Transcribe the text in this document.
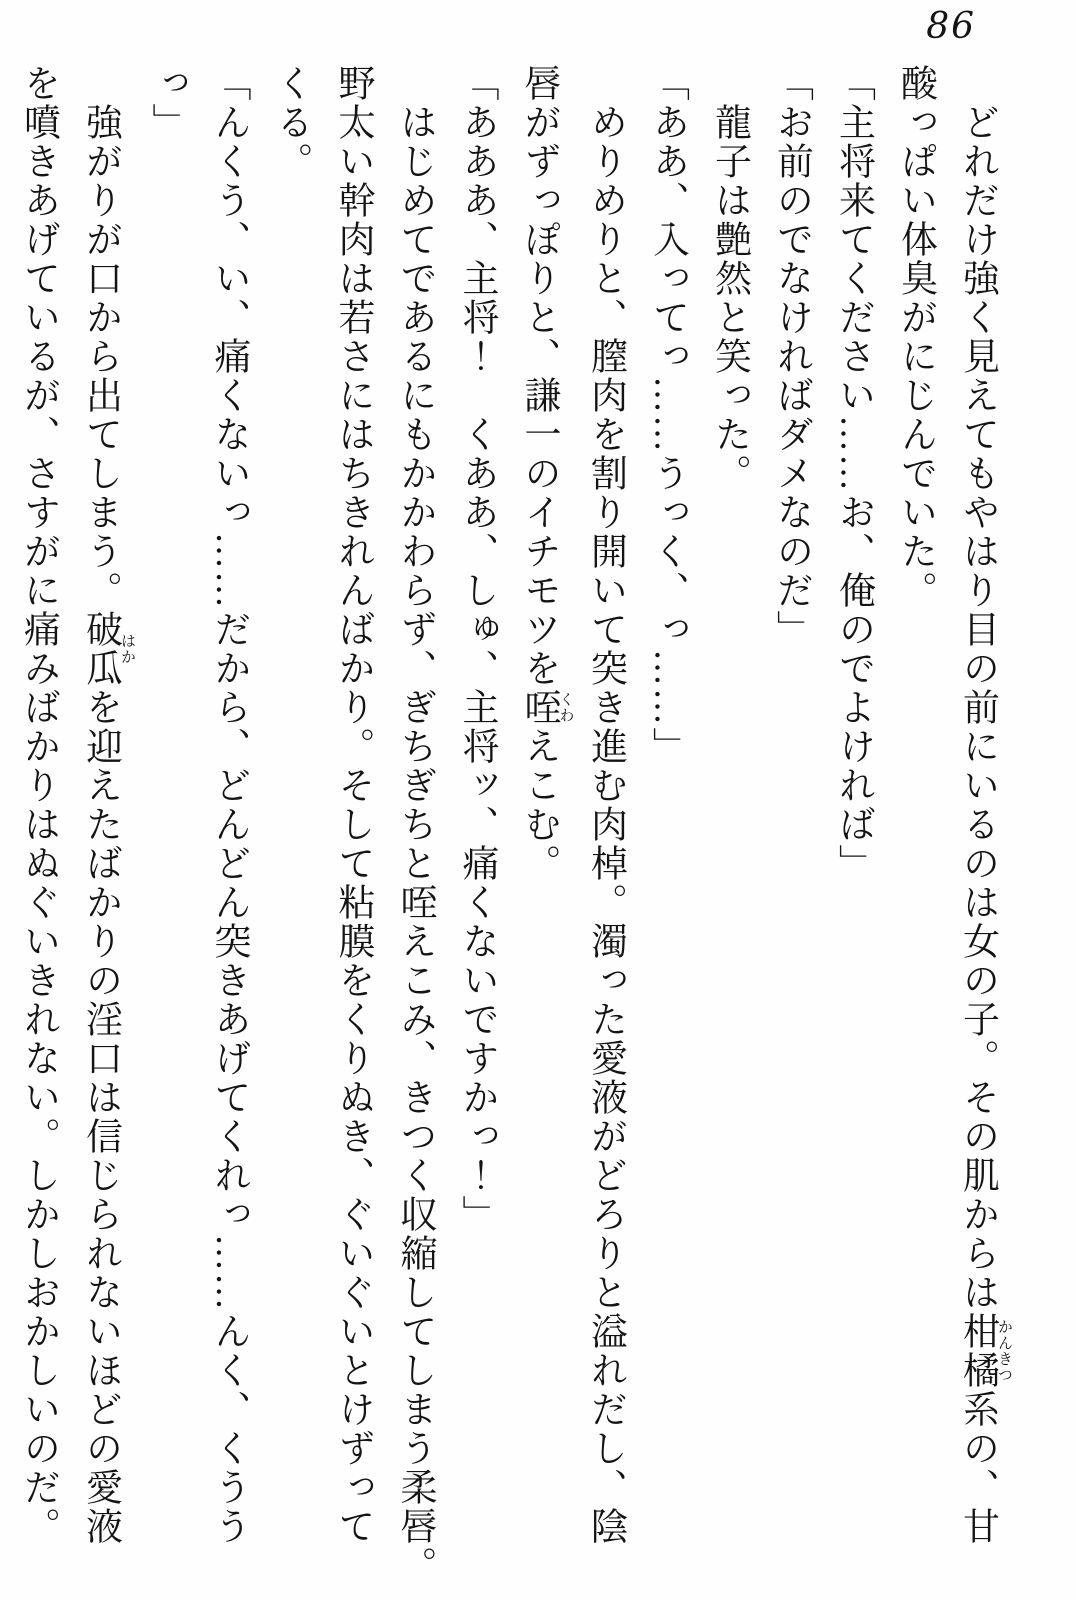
86
　どれだけ強く見えてもやはり目の前にいるのは女の子。その肌からは柑橘かんきつ系の、甘
酸っぱい体臭がにじんでいた。
「主将来てください……お、俺のでよければ」
「お前のでなければダメなのだ」
　龍子は艶然と笑った。
「ああ、入ってっ……うっく、っ……」
　めりめりと、膣肉を割り開いて突き進む肉棹。濁った愛液がどろりと溢れだし、陰
唇がずっぽりと、謙一のイチモツを咥くわえこむ。
「あああ、主将！　くああ、しゅ、主将ッ、痛くないですかっ！」
　はじめてであるにもかかわらず、ぎちぎちと咥えこみ、きつく収縮してしまう柔唇。
野太い幹肉は若さにはちきれんばかり。そして粘膜をくりぬき、ぐいぐいとけずって
くる。
「んくう、い、痛くないっ……だから、どんどん突きあげてくれっ……んく、くうう
っ」
　強がりが口から出てしまう。破瓜はかを迎えたばかりの淫口は信じられないほどの愛液
を噴きあげているが、さすがに痛みばかりはぬぐいきれない。しかしおかしいのだ。
